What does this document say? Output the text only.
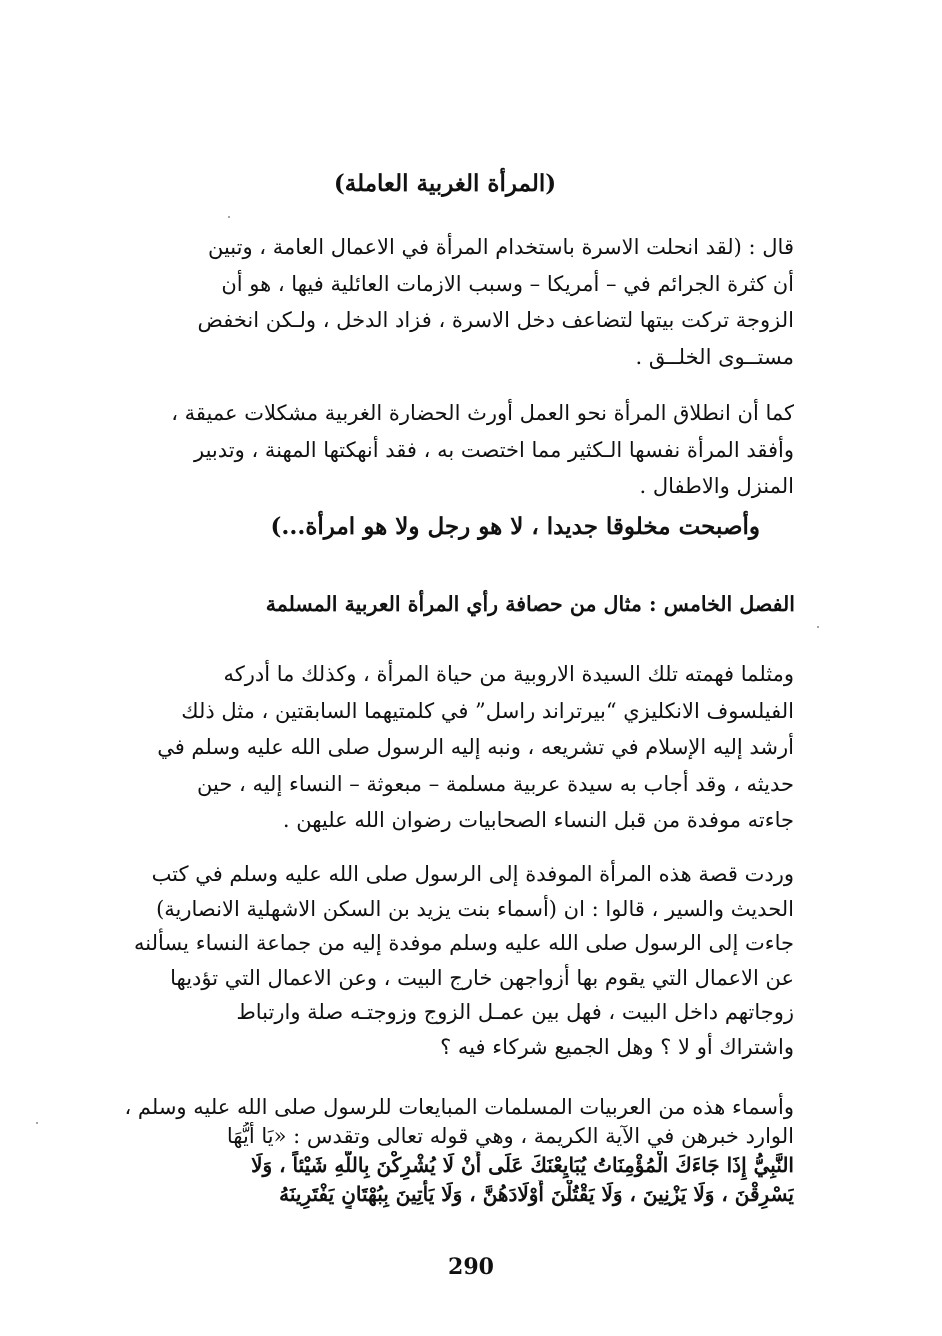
(المرأة الغربية العاملة)
قال : (لقد انحلت الاسرة باستخدام المرأة في الاعمال العامة ، وتبين
أن كثرة الجرائم في – أمريكا – وسبب الازمات العائلية فيها ، هو أن
الزوجة تركت بيتها لتضاعف دخل الاسرة ، فزاد الدخل ، ولـكن انخفض
مستــوى الخلــق .
كما أن انطلاق المرأة نحو العمل أورث الحضارة الغربية مشكلات عميقة ،
وأفقد المرأة نفسها الـكثير مما اختصت به ، فقد أنهكتها المهنة ، وتدبير
المنزل والاطفال .
وأصبحت مخلوقا جديدا ، لا هو رجل ولا هو امرأة...)
الفصل الخامس : مثال من حصافة رأي المرأة العربية المسلمة
ومثلما فهمته تلك السيدة الاروبية من حياة المرأة ، وكذلك ما أدركه
الفيلسوف الانكليزي “بيرتراند راسل” في كلمتيهما السابقتين ، مثل ذلك
أرشد إليه الإسلام في تشريعه ، ونبه إليه الرسول صلى الله عليه وسلم في
حديثه ، وقد أجاب به سيدة عربية مسلمة – مبعوثة – النساء إليه ، حين
جاءته موفدة من قبل النساء الصحابيات رضوان الله عليهن .
وردت قصة هذه المرأة الموفدة إلى الرسول صلى الله عليه وسلم في كتب
الحديث والسير ، قالوا : ان (أسماء بنت يزيد بن السكن الاشهلية الانصارية)
جاءت إلى الرسول صلى الله عليه وسلم موفدة إليه من جماعة النساء يسألنه
عن الاعمال التي يقوم بها أزواجهن خارج البيت ، وعن الاعمال التي تؤديها
زوجاتهم داخل البيت ، فهل بين عمـل الزوج وزوجتـه صلة وارتباط
واشتراك أو لا ؟ وهل الجميع شركاء فيه ؟
وأسماء هذه من العربيات المسلمات المبايعات للرسول صلى الله عليه وسلم ،
الوارد خبرهن في الآية الكريمة ، وهي قوله تعالى وتقدس : «يَا أَيُّهَا
النَّبِيُّ إِذَا جَاءَكَ الْمُؤْمِنَاتُ يُبَايِعْنَكَ عَلَى أَنْ لَا يُشْرِكْنَ بِاللَّهِ شَيْئاً ، وَلَا
يَسْرِقْنَ ، وَلَا يَزْنِينَ ، وَلَا يَقْتُلْنَ أَوْلَادَهُنَّ ، وَلَا يَأْتِينَ بِبُهْتَانٍ يَفْتَرِينَهُ
290
